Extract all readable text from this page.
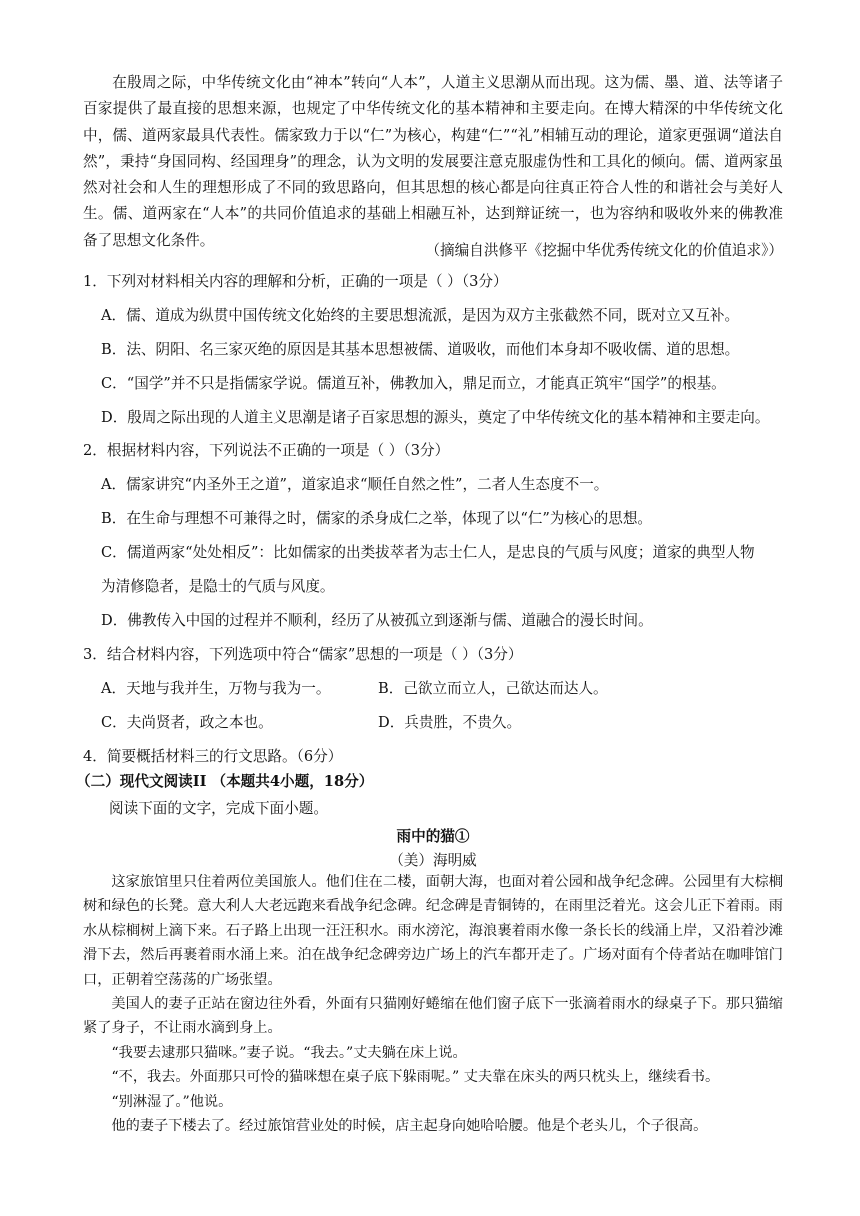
在殷周之际，中华传统文化由“神本”转向“人本”，人道主义思潮从而出现。这为儒、墨、道、法等诸子百家提供了最直接的思想来源，也规定了中华传统文化的基本精神和主要走向。在博大精深的中华传统文化中，儒、道两家最具代表性。儒家致力于以“仁”为核心，构建“仁”“礼”相辅互动的理论，道家更强调“道法自然”，秉持“身国同构、经国理身”的理念，认为文明的发展要注意克服虚伪性和工具化的倾向。儒、道两家虽然对社会和人生的理想形成了不同的致思路向，但其思想的核心都是向往真正符合人性的和谐社会与美好人生。儒、道两家在“人本”的共同价值追求的基础上相融互补，达到辩证统一，也为容纳和吸收外来的佛教准备了思想文化条件。
（摘编自洪修平《挖掘中华优秀传统文化的价值追求》）
1．下列对材料相关内容的理解和分析，正确的一项是（ ）（3分）
A．儒、道成为纵贯中国传统文化始终的主要思想流派，是因为双方主张截然不同，既对立又互补。
B．法、阴阳、名三家灭绝的原因是其基本思想被儒、道吸收，而他们本身却不吸收儒、道的思想。
C．“国学”并不只是指儒家学说。儒道互补，佛教加入，鼎足而立，才能真正筑牢“国学”的根基。
D．殷周之际出现的人道主义思潮是诸子百家思想的源头，奠定了中华传统文化的基本精神和主要走向。
2．根据材料内容，下列说法不正确的一项是（ ）（3分）
A．儒家讲究“内圣外王之道”，道家追求“顺任自然之性”，二者人生态度不一。
B．在生命与理想不可兼得之时，儒家的杀身成仁之举，体现了以“仁”为核心的思想。
C．儒道两家“处处相反”：比如儒家的出类拔萃者为志士仁人，是忠良的气质与风度；道家的典型人物
为清修隐者，是隐士的气质与风度。
D．佛教传入中国的过程并不顺利，经历了从被孤立到逐渐与儒、道融合的漫长时间。
3．结合材料内容，下列选项中符合“儒家”思想的一项是（ ）（3分）
A．天地与我并生，万物与我为一。	B．己欲立而立人，己欲达而达人。
C．夫尚贤者，政之本也。	D．兵贵胜，不贵久。
4．简要概括材料三的行文思路。（6分）
（二）现代文阅读II （本题共4小题，18分）
阅读下面的文字，完成下面小题。
雨中的猫①
（美）海明威

这家旅馆里只住着两位美国旅人。他们住在二楼，面朝大海，也面对着公园和战争纪念碑。公园里有大棕榈树和绿色的长凳。意大利人大老远跑来看战争纪念碑。纪念碑是青铜铸的，在雨里泛着光。这会儿正下着雨。雨水从棕榈树上滴下来。石子路上出现一汪汪积水。雨水滂沱，海浪裹着雨水像一条长长的线涌上岸，又沿着沙滩滑下去，然后再裹着雨水涌上来。泊在战争纪念碑旁边广场上的汽车都开走了。广场对面有个侍者站在咖啡馆门口，正朝着空荡荡的广场张望。

美国人的妻子正站在窗边往外看，外面有只猫刚好蜷缩在他们窗子底下一张滴着雨水的绿桌子下。那只猫缩紧了身子，不让雨水滴到身上。

“我要去逮那只猫咪。”妻子说。“我去。”丈夫躺在床上说。

“不，我去。外面那只可怜的猫咪想在桌子底下躲雨呢。” 丈夫靠在床头的两只枕头上，继续看书。

“别淋湿了。”他说。

他的妻子下楼去了。经过旅馆营业处的时候，店主起身向她哈哈腰。他是个老头儿，个子很高。
